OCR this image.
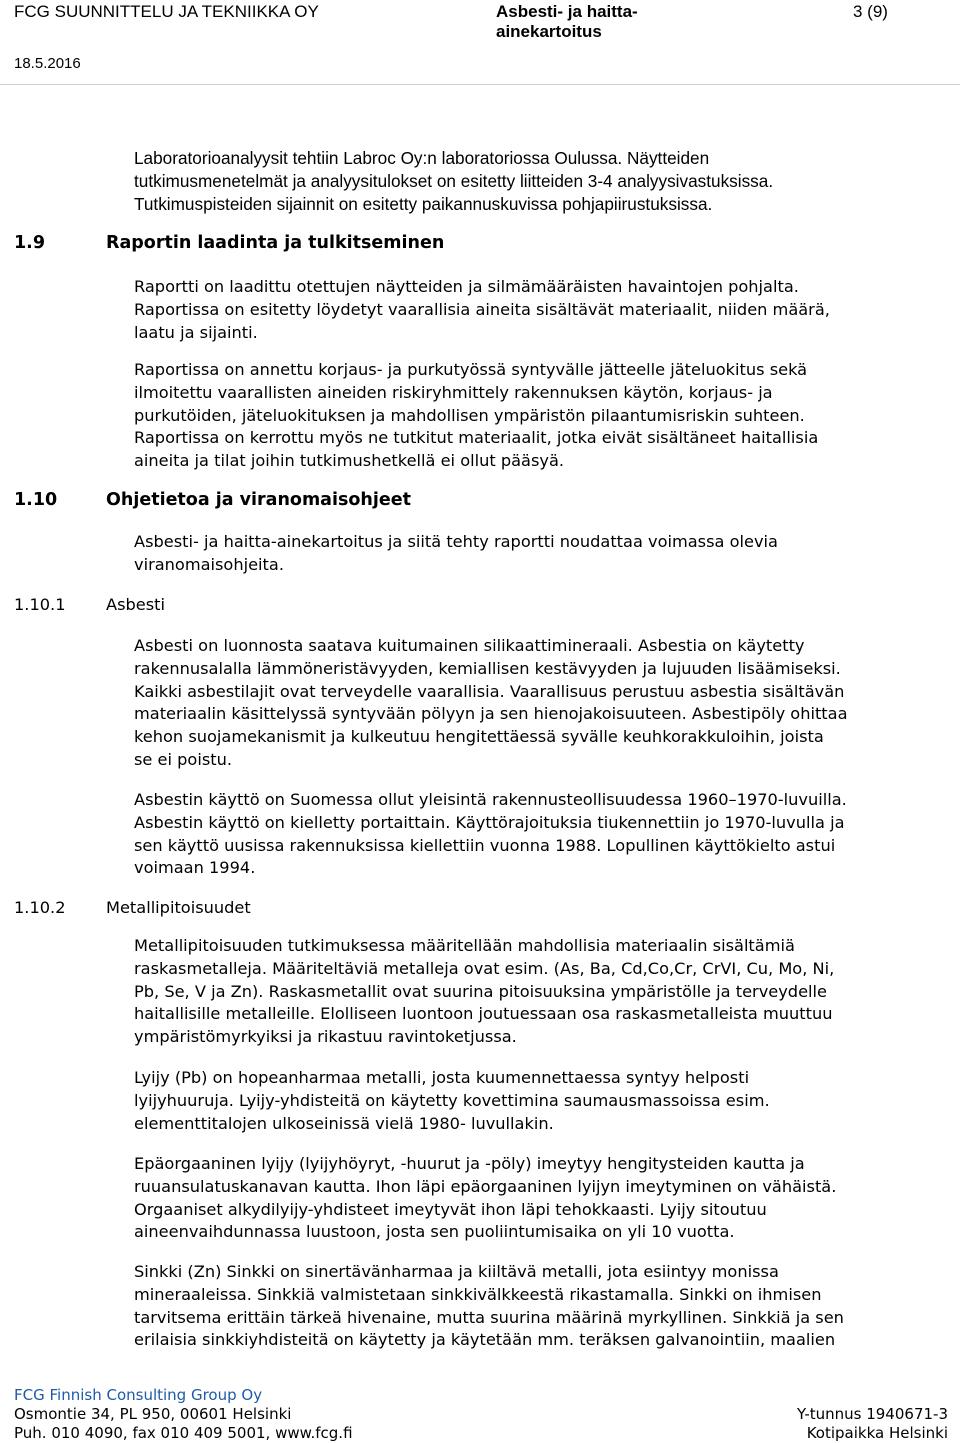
FCG SUUNNITTELU JA TEKNIIKKA OY	Asbesti- ja haitta-
ainekartoitus
3 (9)
18.5.2016
Laboratorioanalyysit tehtiin Labroc Oy:n laboratoriossa Oulussa. Näytteiden
tutkimusmenetelmät ja analyysitulokset on esitetty liitteiden 3-4 analyysivastuksissa.
Tutkimuspisteiden sijainnit on esitetty paikannuskuvissa pohjapiirustuksissa.
1.9	Raportin laadinta ja tulkitseminen
Raportti on laadittu otettujen näytteiden ja silmämääräisten havaintojen pohjalta.
Raportissa on esitetty löydetyt vaarallisia aineita sisältävät materiaalit, niiden määrä,
laatu ja sijainti.
Raportissa on annettu korjaus- ja purkutyössä syntyvälle jätteelle jäteluokitus sekä
ilmoitettu vaarallisten aineiden riskiryhmittely rakennuksen käytön, korjaus- ja
purkutöiden, jäteluokituksen ja mahdollisen ympäristön pilaantumisriskin suhteen.
Raportissa on kerrottu myös ne tutkitut materiaalit, jotka eivät sisältäneet haitallisia
aineita ja tilat joihin tutkimushetkellä ei ollut pääsyä.
1.10	Ohjetietoa ja viranomaisohjeet
Asbesti- ja haitta-ainekartoitus ja siitä tehty raportti noudattaa voimassa olevia
viranomaisohjeita.
1.10.1	Asbesti
Asbesti on luonnosta saatava kuitumainen silikaattimineraali. Asbestia on käytetty
rakennusalalla lämmöneristävyyden, kemiallisen kestävyyden ja lujuuden lisäämiseksi.
Kaikki asbestilajit ovat terveydelle vaarallisia. Vaarallisuus perustuu asbestia sisältävän
materiaalin käsittelyssä syntyvään pölyyn ja sen hienojakoisuuteen. Asbestipöly ohittaa
kehon suojamekanismit ja kulkeutuu hengitettäessä syvälle keuhkorakkuloihin, joista
se ei poistu.
Asbestin käyttö on Suomessa ollut yleisintä rakennusteollisuudessa 1960–1970-luvuilla.
Asbestin käyttö on kielletty portaittain. Käyttörajoituksia tiukennettiin jo 1970-luvulla ja
sen käyttö uusissa rakennuksissa kiellettiin vuonna 1988. Lopullinen käyttökielto astui
voimaan 1994.
1.10.2	Metallipitoisuudet
Metallipitoisuuden tutkimuksessa määritellään mahdollisia materiaalin sisältämiä
raskasmetalleja. Määriteltäviä metalleja ovat esim. (As, Ba, Cd,Co,Cr, CrVI, Cu, Mo, Ni,
Pb, Se, V ja Zn). Raskasmetallit ovat suurina pitoisuuksina ympäristölle ja terveydelle
haitallisille metalleille. Elolliseen luontoon joutuessaan osa raskasmetalleista muuttuu
ympäristömyrkyiksi ja rikastuu ravintoketjussa.
Lyijy (Pb) on hopeanharmaa metalli, josta kuumennettaessa syntyy helposti
lyijyhuuruja. Lyijy-yhdisteitä on käytetty kovettimina saumausmassoissa esim.
elementtitalojen ulkoseinissä vielä 1980- luvullakin.
Epäorgaaninen lyijy (lyijyhöyryt, -huurut ja -pöly) imeytyy hengitysteiden kautta ja
ruuansulatuskanavan kautta. Ihon läpi epäorgaaninen lyijyn imeytyminen on vähäistä.
Orgaaniset alkydilyijy-yhdisteet imeytyvät ihon läpi tehokkaasti. Lyijy sitoutuu
aineenvaihdunnassa luustoon, josta sen puoliintumisaika on yli 10 vuotta.
Sinkki (Zn) Sinkki on sinertävänharmaa ja kiiltävä metalli, jota esiintyy monissa
mineraaleissa. Sinkkiä valmistetaan sinkkivälkkeestä rikastamalla. Sinkki on ihmisen
tarvitsema erittäin tärkeä hivenaine, mutta suurina määrinä myrkyllinen. Sinkkiä ja sen
erilaisia sinkkiyhdisteitä on käytetty ja käytetään mm. teräksen galvanointiin, maalien
FCG Finnish Consulting Group Oy
Osmontie 34, PL 950, 00601 Helsinki
Puh. 010 4090, fax 010 409 5001, www.fcg.fi
Y-tunnus 1940671-3
Kotipaikka Helsinki
